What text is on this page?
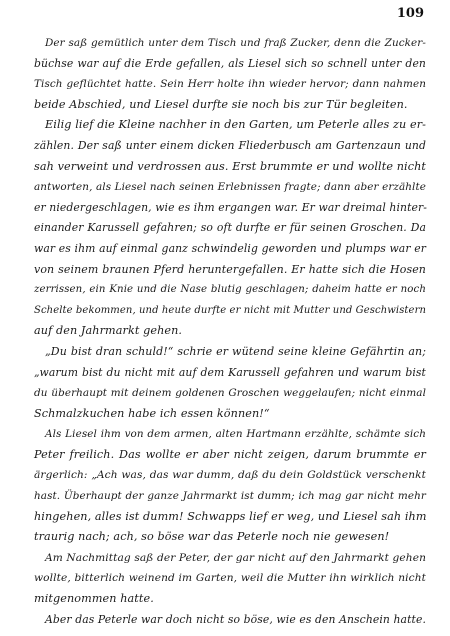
109

Der saß gemütlich unter dem Tisch und fraß Zucker, denn die Zucker-
büchse war auf die Erde gefallen, als Liesel sich so schnell unter den
Tisch geflüchtet hatte. Sein Herr holte ihn wieder hervor; dann nahmen
beide Abschied, und Liesel durfte sie noch bis zur Tür begleiten.

Eilig lief die Kleine nachher in den Garten, um Peterle alles zu er-
zählen. Der saß unter einem dicken Fliederbusch am Gartenzaun und
sah verweint und verdrossen aus. Erst brummte er und wollte nicht
antworten, als Liesel nach seinen Erlebnissen fragte; dann aber erzählte
er niedergeschlagen, wie es ihm ergangen war. Er war dreimal hinter-
einander Karussell gefahren; so oft durfte er für seinen Groschen. Da
war es ihm auf einmal ganz schwindelig geworden und plumps war er
von seinem braunen Pferd heruntergefallen. Er hatte sich die Hosen
zerrissen, ein Knie und die Nase blutig geschlagen; daheim hatte er noch
Schelte bekommen, und heute durfte er nicht mit Mutter und Geschwistern
auf den Jahrmarkt gehen.

„Du bist dran schuld!“ schrie er wütend seine kleine Gefährtin an;
„warum bist du nicht mit auf dem Karussell gefahren und warum bist
du überhaupt mit deinem goldenen Groschen weggelaufen; nicht einmal
Schmalzkuchen habe ich essen können!“

Als Liesel ihm von dem armen, alten Hartmann erzählte, schämte sich
Peter freilich. Das wollte er aber nicht zeigen, darum brummte er
ärgerlich: „Ach was, das war dumm, daß du dein Goldstück verschenkt
hast. Überhaupt der ganze Jahrmarkt ist dumm; ich mag gar nicht mehr
hingehen, alles ist dumm! Schwapps lief er weg, und Liesel sah ihm
traurig nach; ach, so böse war das Peterle noch nie gewesen!

Am Nachmittag saß der Peter, der gar nicht auf den Jahrmarkt gehen
wollte, bitterlich weinend im Garten, weil die Mutter ihn wirklich nicht
mitgenommen hatte.

Aber das Peterle war doch nicht so böse, wie es den Anschein hatte.
